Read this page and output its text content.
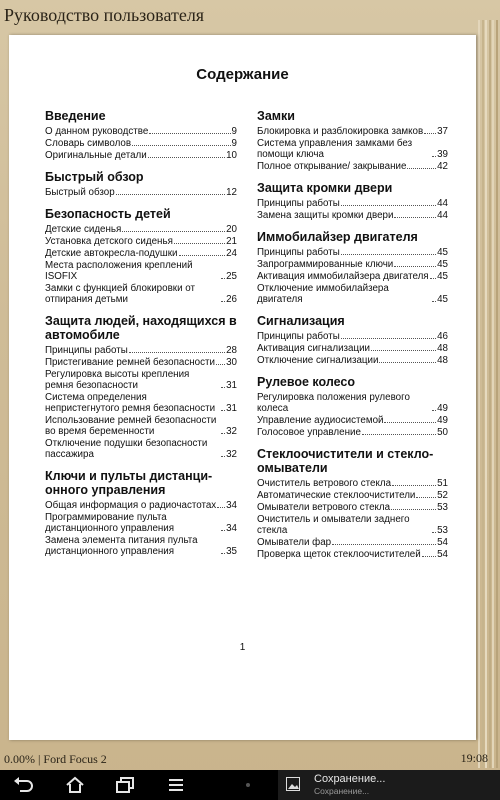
Руководство пользователя
Содержание
Введение
О данном руководстве	9
Словарь символов	9
Оригинальные детали	10
Быстрый обзор
Быстрый обзор	12
Безопасность детей
Детские сиденья	20
Установка детского сиденья	21
Детские автокресла-подушки	24
Места расположения креплений ISOFIX	25
Замки с функцией блокировки от отпирания детьми	26
Защита людей, находящихся в автомобиле
Принципы работы	28
Пристегивание ремней безопасности 30
Регулировка высоты крепления ремня безопасности	31
Система определения непристегнутого ремня безопасности	31
Использование ремней безопасности во время беременности	32
Отключение подушки безопасности пассажира	32
Ключи и пульты дистанци-онного управления
Общая информация о радиочастотах 34
Программирование пульта дистанционного управления	34
Замена элемента питания пульта дистанционного управления	35
Замки
Блокировка и разблокировка замков 37
Система управления замками без помощи ключа	39
Полное открывание/ закрывание	42
Защита кромки двери
Принципы работы	44
Замена защиты кромки двери	44
Иммобилайзер двигателя
Принципы работы	45
Запрограммированные ключи	45
Активация иммобилайзера двигателя 45
Отключение иммобилайзера двигателя	45
Сигнализация
Принципы работы	46
Активация сигнализации	48
Отключение сигнализации	48
Рулевое колесо
Регулировка положения рулевого колеса	49
Управление аудиосистемой	49
Голосовое управление	50
Стеклоочистители и стекло-омыватели
Очиститель ветрового стекла	51
Автоматические стеклоочистители 52
Омыватели ветрового стекла	53
Очиститель и омыватели заднего стекла	53
Омыватели фар	54
Проверка щеток стеклоочистителей 54
1
0.00% | Ford Focus 2	19:08
Сохранение...
Сохранение...
